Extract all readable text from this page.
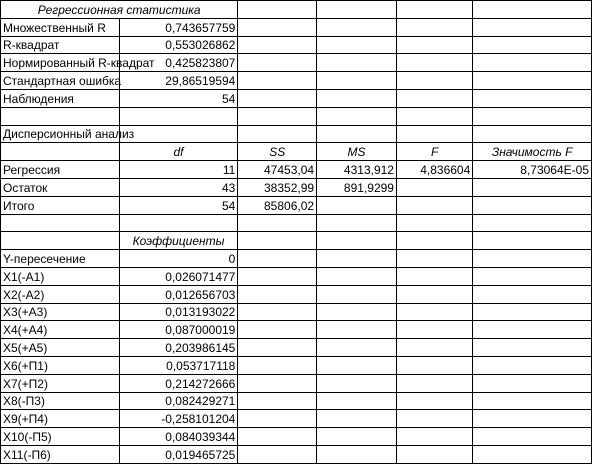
Регрессионная статистика					
Множественный R	0,743657759				
R-квадрат	0,553026862				
Нормированный R-квадрат	0,425823807				
Стандартная ошибка	29,86519594				
Наблюдения	54				

Дисперсионный анализ					
	df	SS	MS	F	Значимость F
Регрессия	11	47453,04	4313,912	4,836604	8,73064E-05
Остаток	43	38352,99	891,9299		
Итого	54	85806,02			

	Коэффициенты				
Y-пересечение	0				
X1(-A1)	0,026071477				
X2(-A2)	0,012656703				
X3(+A3)	0,013193022				
X4(+A4)	0,087000019				
X5(+A5)	0,203986145				
X6(+П1)	0,053717118				
X7(+П2)	0,214272666				
X8(-П3)	0,082429271				
X9(+П4)	-0,258101204				
X10(-П5)	0,084039344				
X11(-П6)	0,019465725				
